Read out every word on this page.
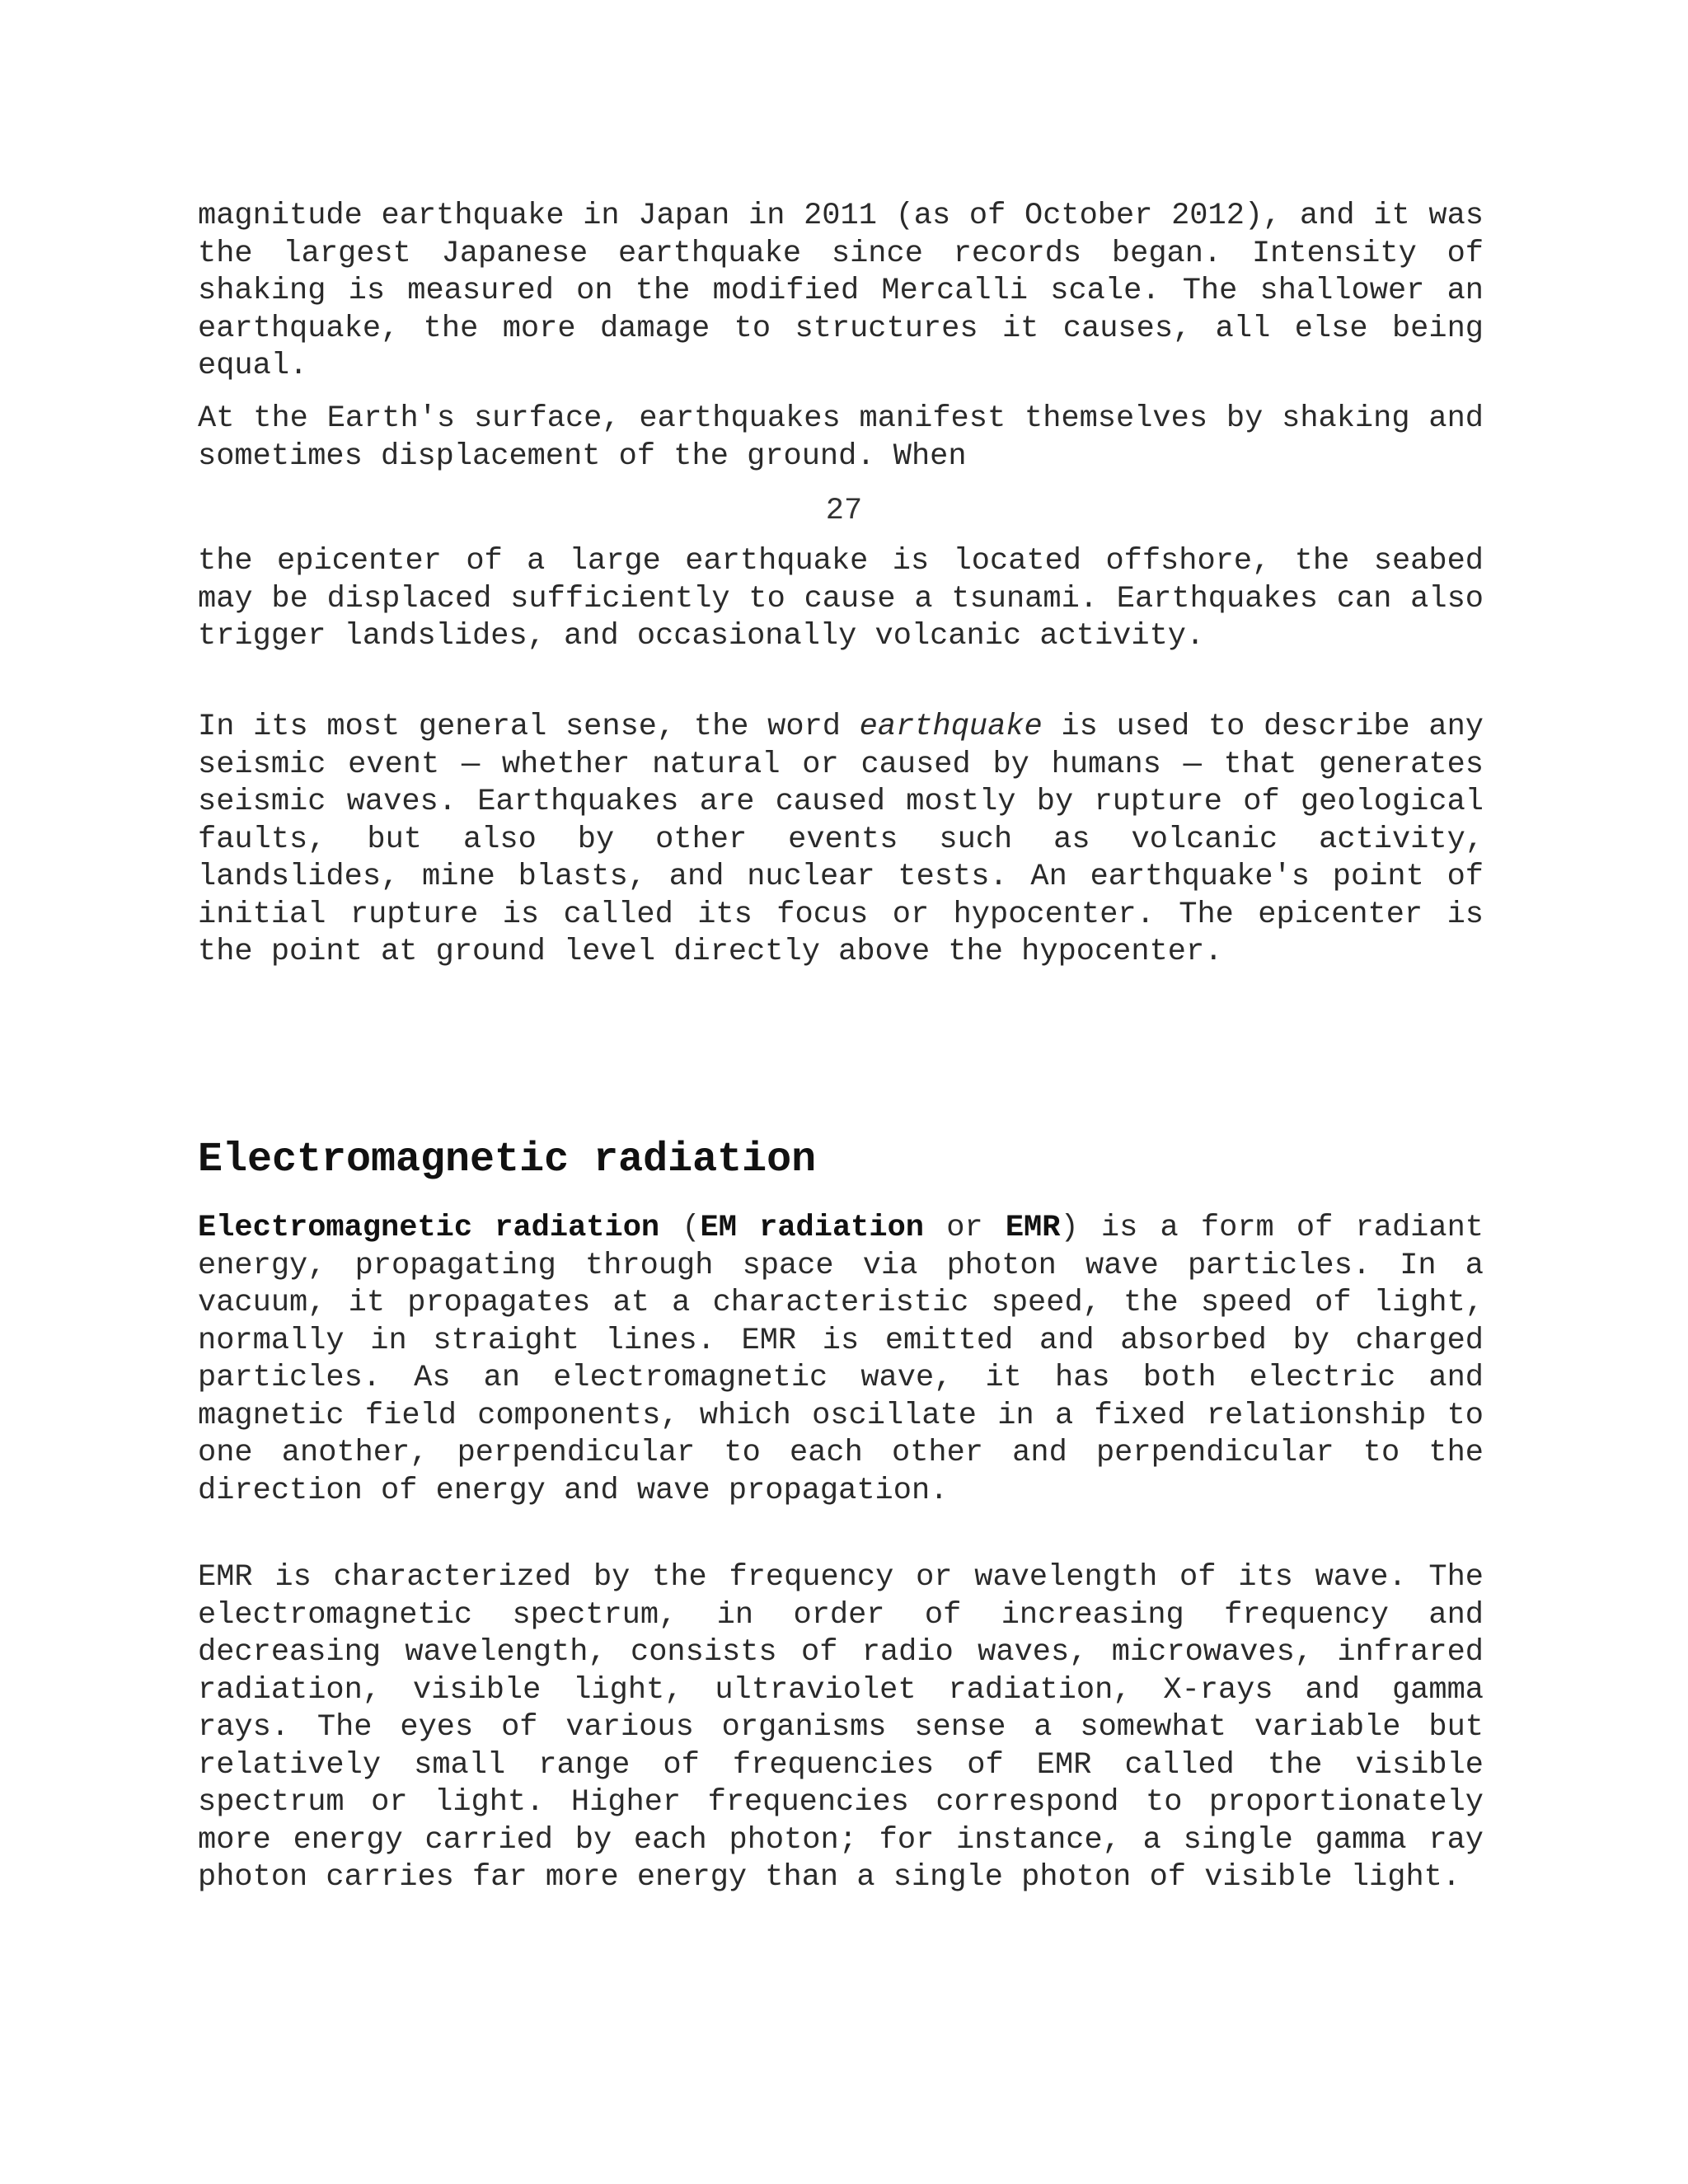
magnitude earthquake in Japan in 2011 (as of October 2012), and it was the largest Japanese earthquake since records began. Intensity of shaking is measured on the modified Mercalli scale. The shallower an earthquake, the more damage to structures it causes, all else being equal.

At the Earth's surface, earthquakes manifest themselves by shaking and sometimes displacement of the ground. When

27

the epicenter of a large earthquake is located offshore, the seabed may be displaced sufficiently to cause a tsunami. Earthquakes can also trigger landslides, and occasionally volcanic activity.

In its most general sense, the word earthquake is used to describe any seismic event — whether natural or caused by humans — that generates seismic waves. Earthquakes are caused mostly by rupture of geological faults, but also by other events such as volcanic activity, landslides, mine blasts, and nuclear tests. An earthquake's point of initial rupture is called its focus or hypocenter. The epicenter is the point at ground level directly above the hypocenter.

Electromagnetic radiation

Electromagnetic radiation (EM radiation or EMR) is a form of radiant energy, propagating through space via photon wave particles. In a vacuum, it propagates at a characteristic speed, the speed of light, normally in straight lines. EMR is emitted and absorbed by charged particles. As an electromagnetic wave, it has both electric and magnetic field components, which oscillate in a fixed relationship to one another, perpendicular to each other and perpendicular to the direction of energy and wave propagation.

EMR is characterized by the frequency or wavelength of its wave. The electromagnetic spectrum, in order of increasing frequency and decreasing wavelength, consists of radio waves, microwaves, infrared radiation, visible light, ultraviolet radiation, X-rays and gamma rays. The eyes of various organisms sense a somewhat variable but relatively small range of frequencies of EMR called the visible spectrum or light. Higher frequencies correspond to proportionately more energy carried by each photon; for instance, a single gamma ray photon carries far more energy than a single photon of visible light.
